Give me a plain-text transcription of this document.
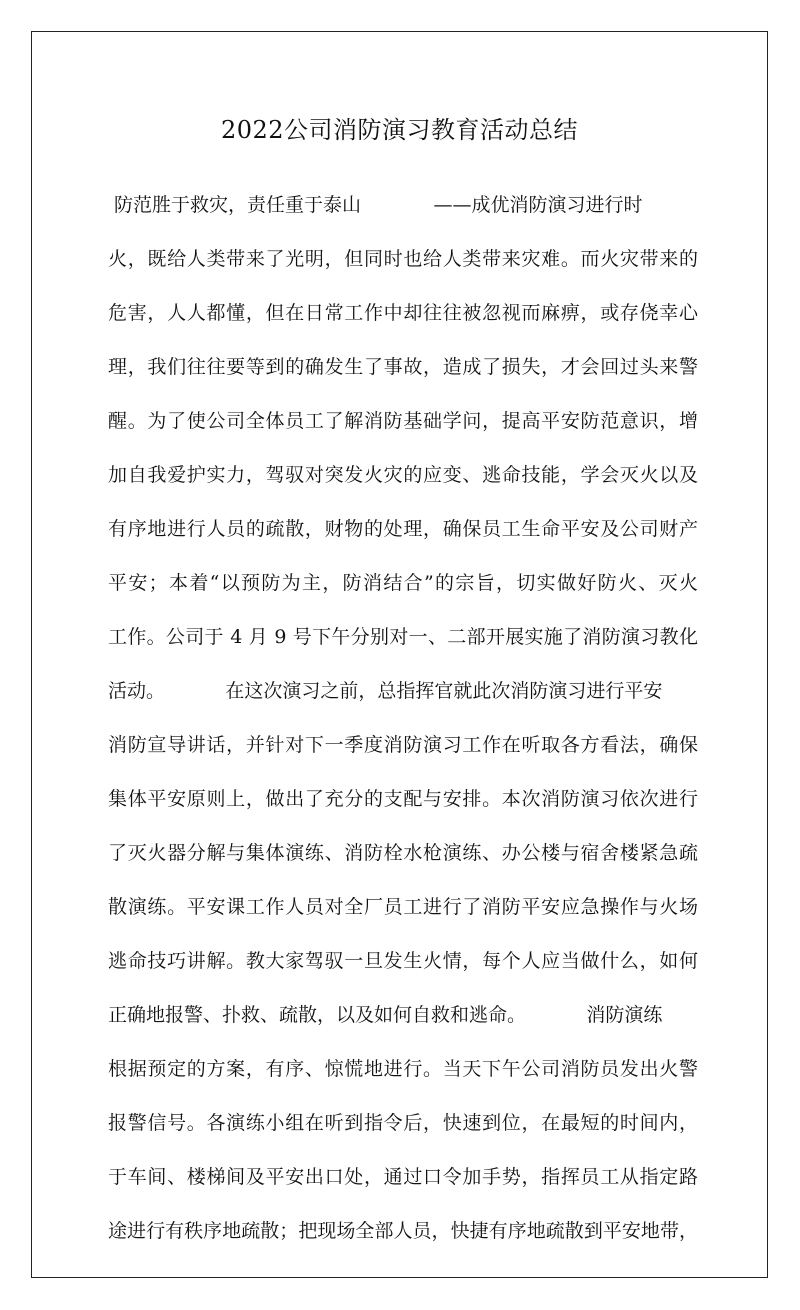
2022公司消防演习教育活动总结
防范胜于救灾，责任重于泰山            ——成优消防演习进行时
火，既给人类带来了光明，但同时也给人类带来灾难。而火灾带来的
危害，人人都懂，但在日常工作中却往往被忽视而麻痹，或存侥幸心
理，我们往往要等到的确发生了事故，造成了损失，才会回过头来警
醒。为了使公司全体员工了解消防基础学问，提高平安防范意识，增
加自我爱护实力，驾驭对突发火灾的应变、逃命技能，学会灭火以及
有序地进行人员的疏散，财物的处理，确保员工生命平安及公司财产
平安；本着“以预防为主，防消结合”的宗旨，切实做好防火、灭火
工作。公司于 4 月 9 号下午分别对一、二部开展实施了消防演习教化
活动。          在这次演习之前，总指挥官就此次消防演习进行平安
消防宣导讲话，并针对下一季度消防演习工作在听取各方看法，确保
集体平安原则上，做出了充分的支配与安排。本次消防演习依次进行
了灭火器分解与集体演练、消防栓水枪演练、办公楼与宿舍楼紧急疏
散演练。平安课工作人员对全厂员工进行了消防平安应急操作与火场
逃命技巧讲解。教大家驾驭一旦发生火情，每个人应当做什么，如何
正确地报警、扑救、疏散，以及如何自救和逃命。          消防演练
根据预定的方案，有序、惊慌地进行。当天下午公司消防员发出火警
报警信号。各演练小组在听到指令后，快速到位，在最短的时间内，
于车间、楼梯间及平安出口处，通过口令加手势，指挥员工从指定路
途进行有秩序地疏散；把现场全部人员，快捷有序地疏散到平安地带，
